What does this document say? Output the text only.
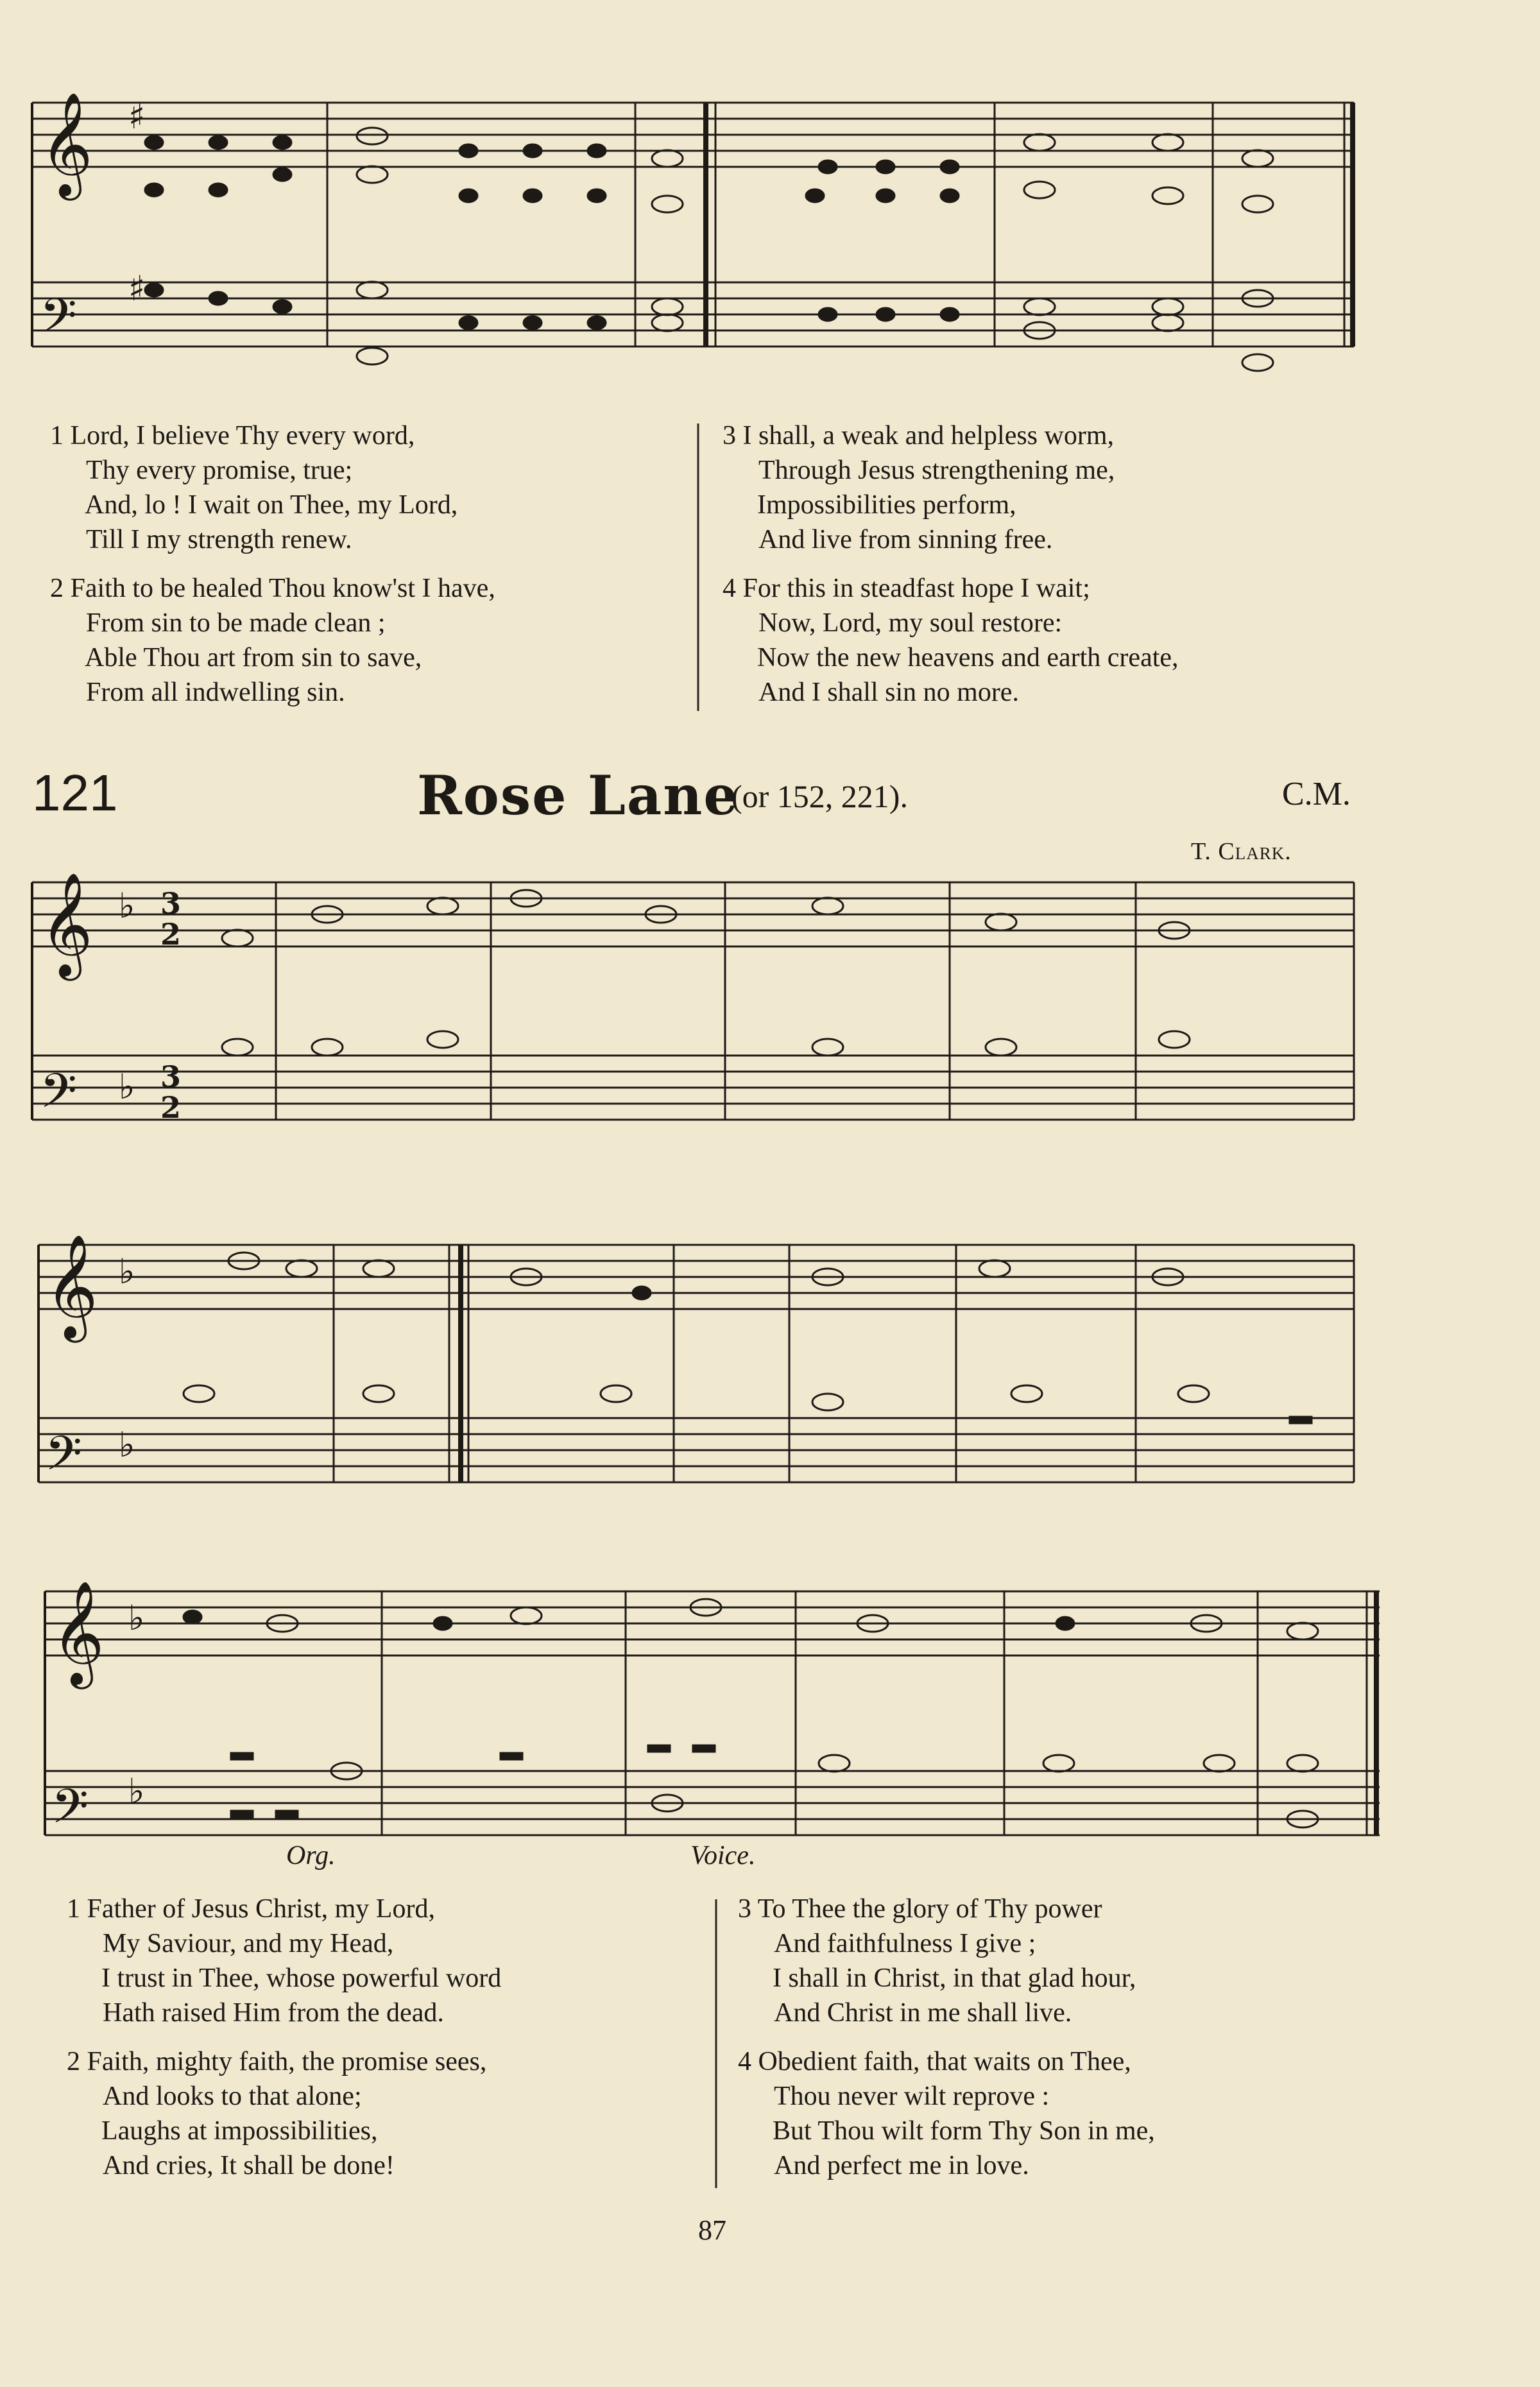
𝄞 ♯
𝄢 ♯
𝄞 ♭ 3
2
𝄢 ♭ 3
2
𝄞 ♭
𝄢 ♭
𝄞 ♭
𝄢 ♭
1 Lord, I believe Thy every word,
Thy every promise, true;
And, lo ! I wait on Thee, my Lord,
Till I my strength renew.
2 Faith to be healed Thou know'st I have,
From sin to be made clean ;
Able Thou art from sin to save,
From all indwelling sin.
3 I shall, a weak and helpless worm,
Through Jesus strengthening me,
Impossibilities perform,
And live from sinning free.
4 For this in steadfast hope I wait;
Now, Lord, my soul restore:
Now the new heavens and earth create,
And I shall sin no more.
121	Rose Lane
(or 152, 221).	C.M.
T. Clark.
Org.	Voice.
1 Father of Jesus Christ, my Lord,
My Saviour, and my Head,
I trust in Thee, whose powerful word
Hath raised Him from the dead.
2 Faith, mighty faith, the promise sees,
And looks to that alone;
Laughs at impossibilities,
And cries, It shall be done!
3 To Thee the glory of Thy power
And faithfulness I give ;
I shall in Christ, in that glad hour,
And Christ in me shall live.
4 Obedient faith, that waits on Thee,
Thou never wilt reprove :
But Thou wilt form Thy Son in me,
And perfect me in love.
87
